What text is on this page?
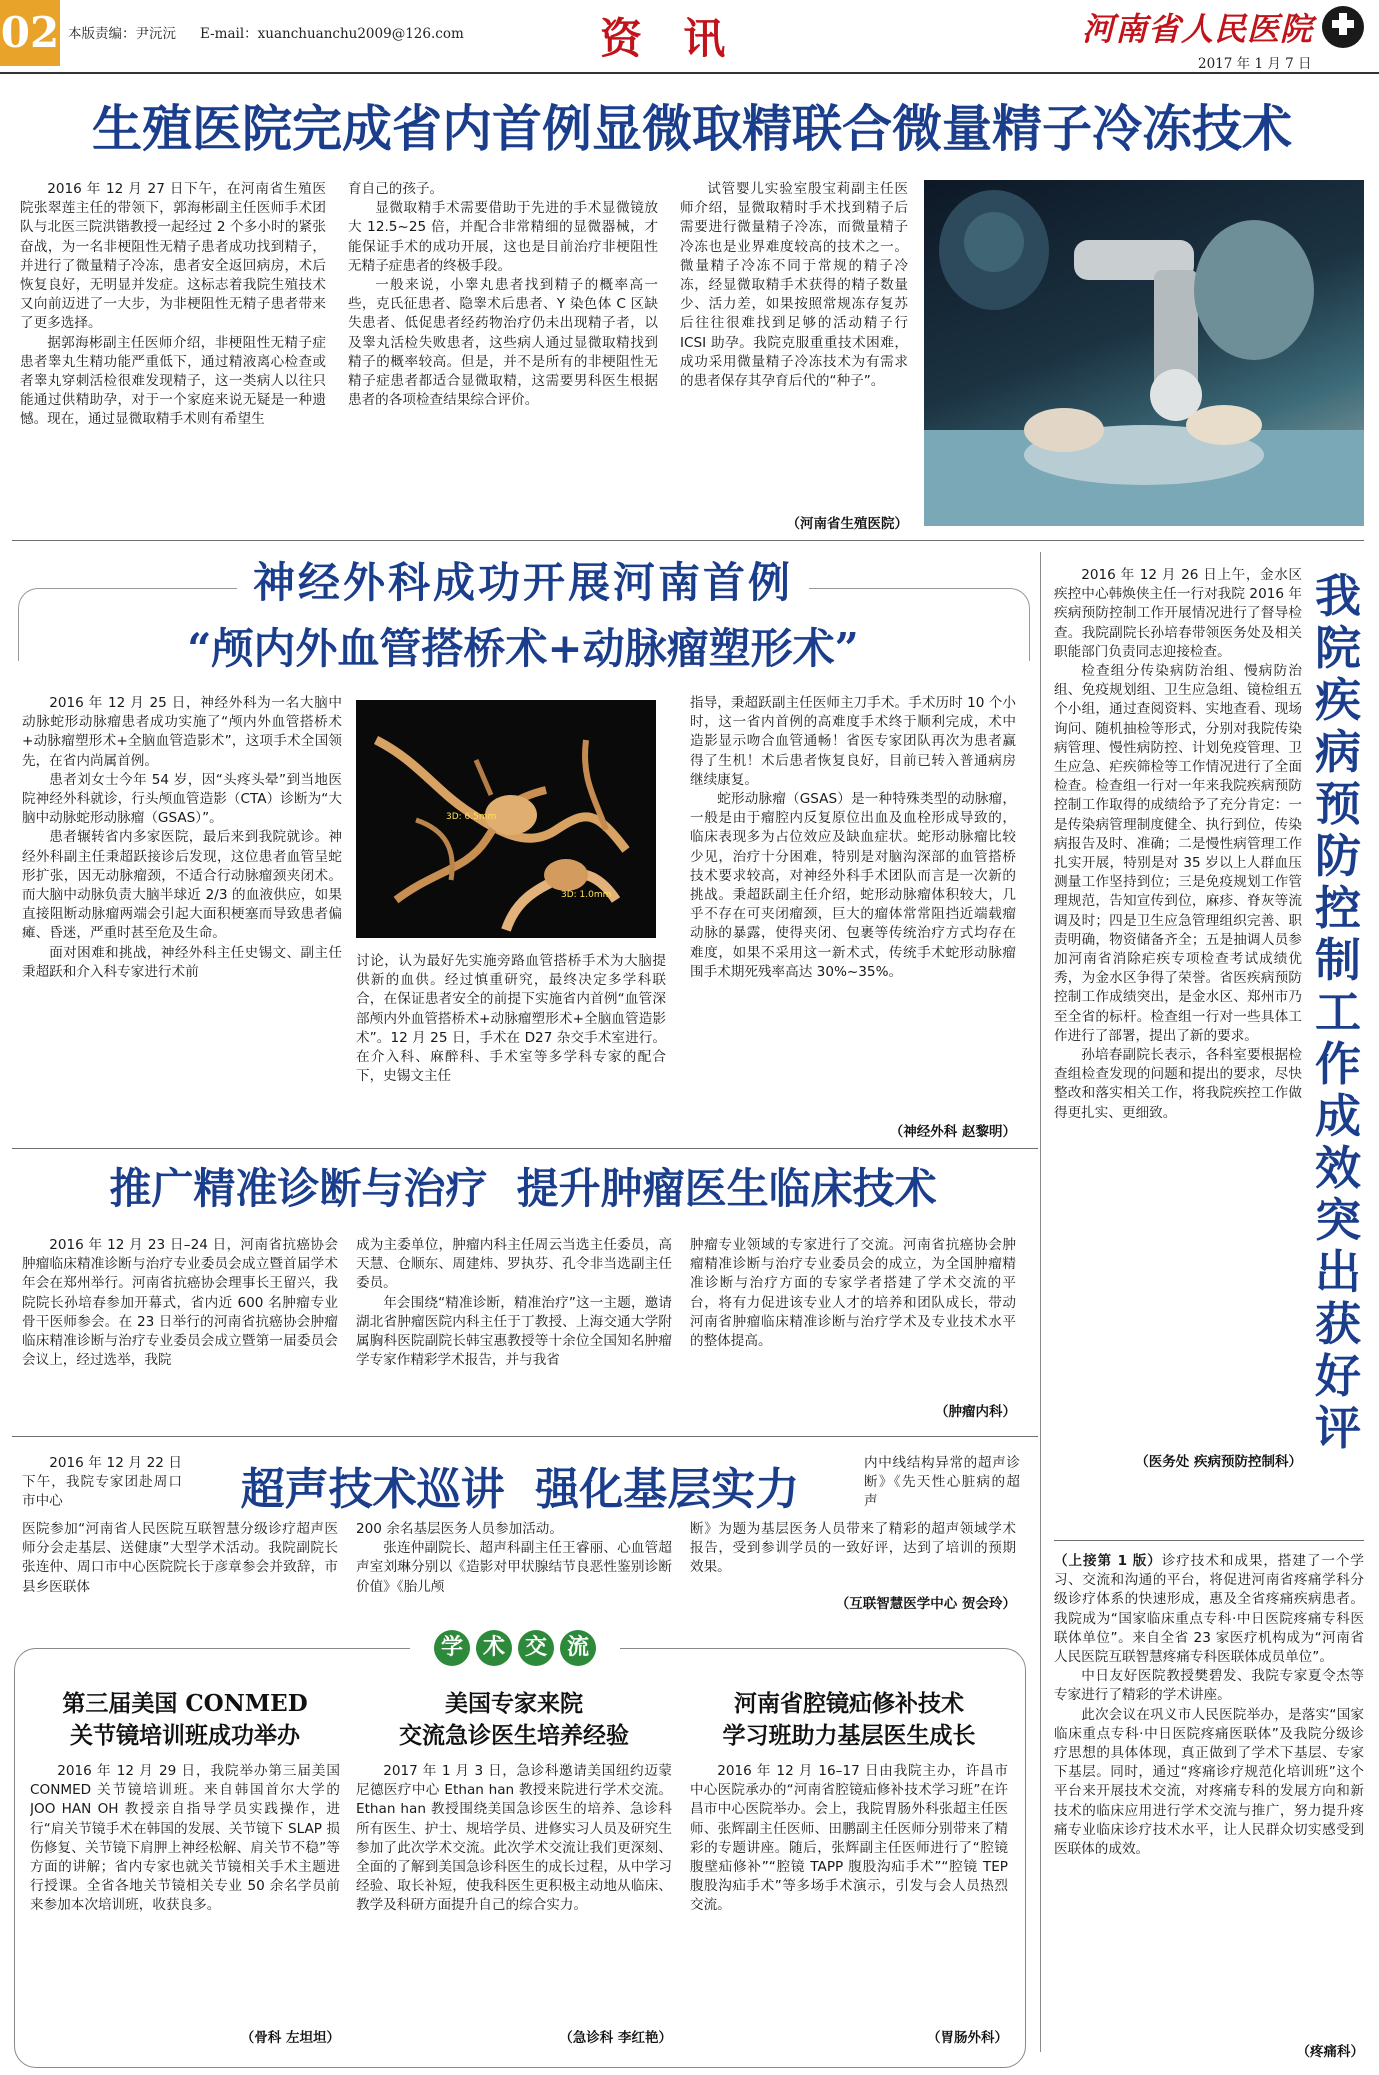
02 本版责编：尹沅沅 E-mail：xuanchuanchu2009@126.com	资  讯	河南省人民医院
2017 年 1 月 7 日
生殖医院完成省内首例显微取精联合微量精子冷冻技术

2016 年 12 月 27 日下午，在河南省生殖医院张翠莲主任的带领下，郭海彬副主任医师手术团队与北医三院洪锴教授一起经过 2 个多小时的紧张奋战，为一名非梗阻性无精子患者成功找到精子，并进行了微量精子冷冻，患者安全返回病房，术后恢复良好，无明显并发症。这标志着我院生殖技术又向前迈进了一大步，为非梗阻性无精子患者带来了更多选择。

据郭海彬副主任医师介绍，非梗阻性无精子症患者睾丸生精功能严重低下，通过精液离心检查或者睾丸穿刺活检很难发现精子，这一类病人以往只能通过供精助孕，对于一个家庭来说无疑是一种遗憾。现在，通过显微取精手术则有希望生

育自己的孩子。

显微取精手术需要借助于先进的手术显微镜放大 12.5~25 倍，并配合非常精细的显微器械，才能保证手术的成功开展，这也是目前治疗非梗阻性无精子症患者的终极手段。

一般来说，小睾丸患者找到精子的概率高一些，克氏征患者、隐睾术后患者、Y 染色体 C 区缺失患者、低促患者经药物治疗仍未出现精子者，以及睾丸活检失败患者，这些病人通过显微取精找到精子的概率较高。但是，并不是所有的非梗阻性无精子症患者都适合显微取精，这需要男科医生根据患者的各项检查结果综合评价。

试管婴儿实验室殷宝莉副主任医师介绍，显微取精时手术找到精子后需要进行微量精子冷冻，而微量精子冷冻也是业界难度较高的技术之一。微量精子冷冻不同于常规的精子冷冻，经显微取精手术获得的精子数量少、活力差，如果按照常规冻存复苏后往往很难找到足够的活动精子行 ICSI 助孕。我院克服重重技术困难，成功采用微量精子冷冻技术为有需求的患者保存其孕育后代的“种子”。

（河南省生殖医院）
神经外科成功开展河南首例
“颅内外血管搭桥术+动脉瘤塑形术”

2016 年 12 月 25 日，神经外科为一名大脑中动脉蛇形动脉瘤患者成功实施了“颅内外血管搭桥术+动脉瘤塑形术+全脑血管造影术”，这项手术全国领先，在省内尚属首例。

患者刘女士今年 54 岁，因“头疼头晕”到当地医院神经外科就诊，行头颅血管造影（CTA）诊断为“大脑中动脉蛇形动脉瘤（GSAS）”。

患者辗转省内多家医院，最后来到我院就诊。神经外科副主任秉超跃接诊后发现，这位患者血管呈蛇形扩张，因无动脉瘤颈，不适合行动脉瘤颈夹闭术。而大脑中动脉负责大脑半球近 2/3 的血液供应，如果直接阻断动脉瘤两端会引起大面积梗塞而导致患者偏瘫、昏迷，严重时甚至危及生命。

面对困难和挑战，神经外科主任史锡文、副主任秉超跃和介入科专家进行术前

3D: 6.5mm
3D: 1.0mm

讨论，认为最好先实施旁路血管搭桥手术为大脑提供新的血供。经过慎重研究，最终决定多学科联合，在保证患者安全的前提下实施省内首例“血管深部颅内外血管搭桥术+动脉瘤塑形术+全脑血管造影术”。12 月 25 日，手术在 D27 杂交手术室进行。在介入科、麻醉科、手术室等多学科专家的配合下，史锡文主任

指导，秉超跃副主任医师主刀手术。手术历时 10 个小时，这一省内首例的高难度手术终于顺利完成，术中造影显示吻合血管通畅！省医专家团队再次为患者赢得了生机！术后患者恢复良好，目前已转入普通病房继续康复。

蛇形动脉瘤（GSAS）是一种特殊类型的动脉瘤，一般是由于瘤腔内反复原位出血及血栓形成导致的，临床表现多为占位效应及缺血症状。蛇形动脉瘤比较少见，治疗十分困难，特别是对脑沟深部的血管搭桥技术要求较高，对神经外科手术团队而言是一次新的挑战。秉超跃副主任介绍，蛇形动脉瘤体积较大，几乎不存在可夹闭瘤颈，巨大的瘤体常常阻挡近端载瘤动脉的暴露，使得夹闭、包裹等传统治疗方式均存在难度，如果不采用这一新术式，传统手术蛇形动脉瘤围手术期死残率高达 30%~35%。

（神经外科 赵黎明）
推广精准诊断与治疗  提升肿瘤医生临床技术

2016 年 12 月 23 日–24 日，河南省抗癌协会肿瘤临床精准诊断与治疗专业委员会成立暨首届学术年会在郑州举行。河南省抗癌协会理事长王留兴，我院院长孙培春参加开幕式，省内近 600 名肿瘤专业骨干医师参会。在 23 日举行的河南省抗癌协会肿瘤临床精准诊断与治疗专业委员会成立暨第一届委员会会议上，经过选举，我院

成为主委单位，肿瘤内科主任周云当选主任委员，高天慧、仓顺东、周建炜、罗执芬、孔令非当选副主任委员。

年会围绕“精准诊断，精准治疗”这一主题，邀请湖北省肿瘤医院内科主任于丁教授、上海交通大学附属胸科医院副院长韩宝惠教授等十余位全国知名肿瘤学专家作精彩学术报告，并与我省

肿瘤专业领域的专家进行了交流。河南省抗癌协会肿瘤精准诊断与治疗专业委员会的成立，为全国肿瘤精准诊断与治疗方面的专家学者搭建了学术交流的平台，将有力促进该专业人才的培养和团队成长，带动河南省肿瘤临床精准诊断与治疗学术及专业技术水平的整体提高。

（肿瘤内科）

2016 年 12 月 22 日下午，我院专家团赴周口市中心	超声技术巡讲  强化基层实力

内中线结构异常的超声诊断》《先天性心脏病的超声

医院参加“河南省人民医院互联智慧分级诊疗超声医师分会走基层、送健康”大型学术活动。我院副院长张连仲、周口市中心医院院长于彦章参会并致辞，市县乡医联体

200 余名基层医务人员参加活动。

张连仲副院长、超声科副主任王睿丽、心血管超声室刘琳分别以《造影对甲状腺结节良恶性鉴别诊断价值》《胎儿颅

断》为题为基层医务人员带来了精彩的超声领域学术报告，受到参训学员的一致好评，达到了培训的预期效果。

（互联智慧医学中心 贺会玲）
学 术 交 流
第三届美国 CONMED
关节镜培训班成功举办

2016 年 12 月 29 日，我院举办第三届美国 CONMED 关节镜培训班。来自韩国首尔大学的 JOO HAN OH 教授亲自指导学员实践操作，进行“肩关节镜手术在韩国的发展、关节镜下 SLAP 损伤修复、关节镜下肩胛上神经松解、肩关节不稳”等方面的讲解；省内专家也就关节镜相关手术主题进行授课。全省各地关节镜相关专业 50 余名学员前来参加本次培训班，收获良多。

（骨科 左坦坦）
美国专家来院
交流急诊医生培养经验

2017 年 1 月 3 日，急诊科邀请美国纽约迈蒙尼德医疗中心 Ethan han 教授来院进行学术交流。Ethan han 教授围绕美国急诊医生的培养、急诊科所有医生、护士、规培学员、进修实习人员及研究生参加了此次学术交流。此次学术交流让我们更深刻、全面的了解到美国急诊科医生的成长过程，从中学习经验、取长补短，使我科医生更积极主动地从临床、教学及科研方面提升自己的综合实力。

（急诊科 李红艳）
河南省腔镜疝修补技术
学习班助力基层医生成长

2016 年 12 月 16–17 日由我院主办，许昌市中心医院承办的“河南省腔镜疝修补技术学习班”在许昌市中心医院举办。会上，我院胃肠外科张超主任医师、张辉副主任医师、田鹏副主任医师分别带来了精彩的专题讲座。随后，张辉副主任医师进行了“腔镜腹壁疝修补”“腔镜 TAPP 腹股沟疝手术”“腔镜 TEP 腹股沟疝手术”等多场手术演示，引发与会人员热烈交流。

（胃肠外科）

2016 年 12 月 26 日上午，金水区疾控中心韩焕侠主任一行对我院 2016 年疾病预防控制工作开展情况进行了督导检查。我院副院长孙培春带领医务处及相关职能部门负责同志迎接检查。

检查组分传染病防治组、慢病防治组、免疫规划组、卫生应急组、镜检组五个小组，通过查阅资料、实地查看、现场询问、随机抽检等形式，分别对我院传染病管理、慢性病防控、计划免疫管理、卫生应急、疟疾筛检等工作情况进行了全面检查。检查组一行对一年来我院疾病预防控制工作取得的成绩给予了充分肯定：一是传染病管理制度健全、执行到位，传染病报告及时、准确；二是慢性病管理工作扎实开展，特别是对 35 岁以上人群血压测量工作坚持到位；三是免疫规划工作管理规范，告知宣传到位，麻疹、脊灰等流调及时；四是卫生应急管理组织完善、职责明确，物资储备齐全；五是抽调人员参加河南省消除疟疾专项检查考试成绩优秀，为金水区争得了荣誉。省医疾病预防控制工作成绩突出，是金水区、郑州市乃至全省的标杆。检查组一行对一些具体工作进行了部署，提出了新的要求。

孙培春副院长表示，各科室要根据检查组检查发现的问题和提出的要求，尽快整改和落实相关工作，将我院疾控工作做得更扎实、更细致。

我院疾病预防控制工作成效突出获好评
（医务处 疾病预防控制科）

（上接第 1 版）诊疗技术和成果，搭建了一个学习、交流和沟通的平台，将促进河南省疼痛学科分级诊疗体系的快速形成，惠及全省疼痛疾病患者。我院成为“国家临床重点专科·中日医院疼痛专科医联体单位”。来自全省 23 家医疗机构成为“河南省人民医院互联智慧疼痛专科医联体成员单位”。

中日友好医院教授樊碧发、我院专家夏令杰等专家进行了精彩的学术讲座。

此次会议在巩义市人民医院举办，是落实“国家临床重点专科·中日医院疼痛医联体”及我院分级诊疗思想的具体体现，真正做到了学术下基层、专家下基层。同时，通过“疼痛诊疗规范化培训班”这个平台来开展技术交流，对疼痛专科的发展方向和新技术的临床应用进行学术交流与推广，努力提升疼痛专业临床诊疗技术水平，让人民群众切实感受到医联体的成效。

（疼痛科）
